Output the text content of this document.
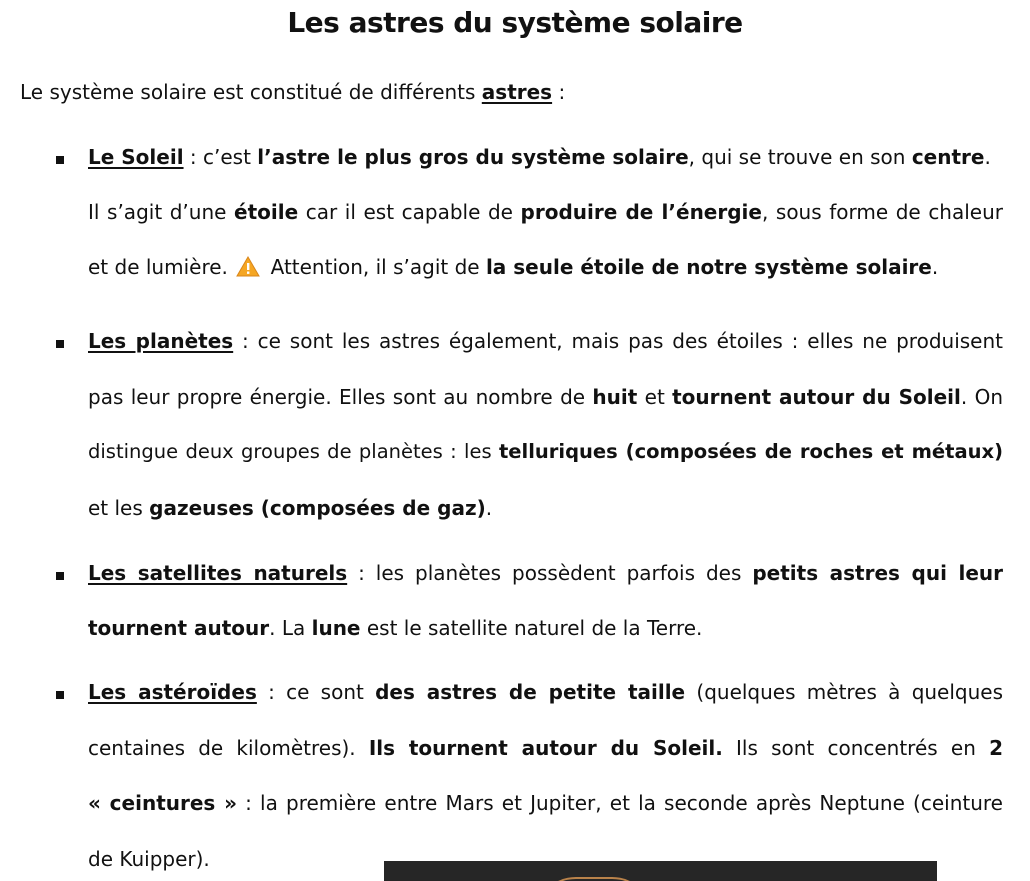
Les astres du système solaire
Le système solaire est constitué de différents astres :
Le Soleil : c’est l’astre le plus gros du système solaire, qui se trouve en son centre.
Il s’agit d’une étoile car il est capable de produire de l’énergie, sous forme de chaleur
et de lumière.  Attention, il s’agit de la seule étoile de notre système solaire.
Les planètes : ce sont les astres également, mais pas des étoiles : elles ne produisent
pas leur propre énergie. Elles sont au nombre de huit et tournent autour du Soleil. On
distingue deux groupes de planètes : les telluriques (composées de roches et métaux)
et les gazeuses (composées de gaz).
Les satellites naturels : les planètes possèdent parfois des petits astres qui leur
tournent autour. La lune est le satellite naturel de la Terre.
Les astéroïdes : ce sont des astres de petite taille (quelques mètres à quelques
centaines de kilomètres). Ils tournent autour du Soleil. Ils sont concentrés en 2
« ceintures » : la première entre Mars et Jupiter, et la seconde après Neptune (ceinture
de Kuipper).
